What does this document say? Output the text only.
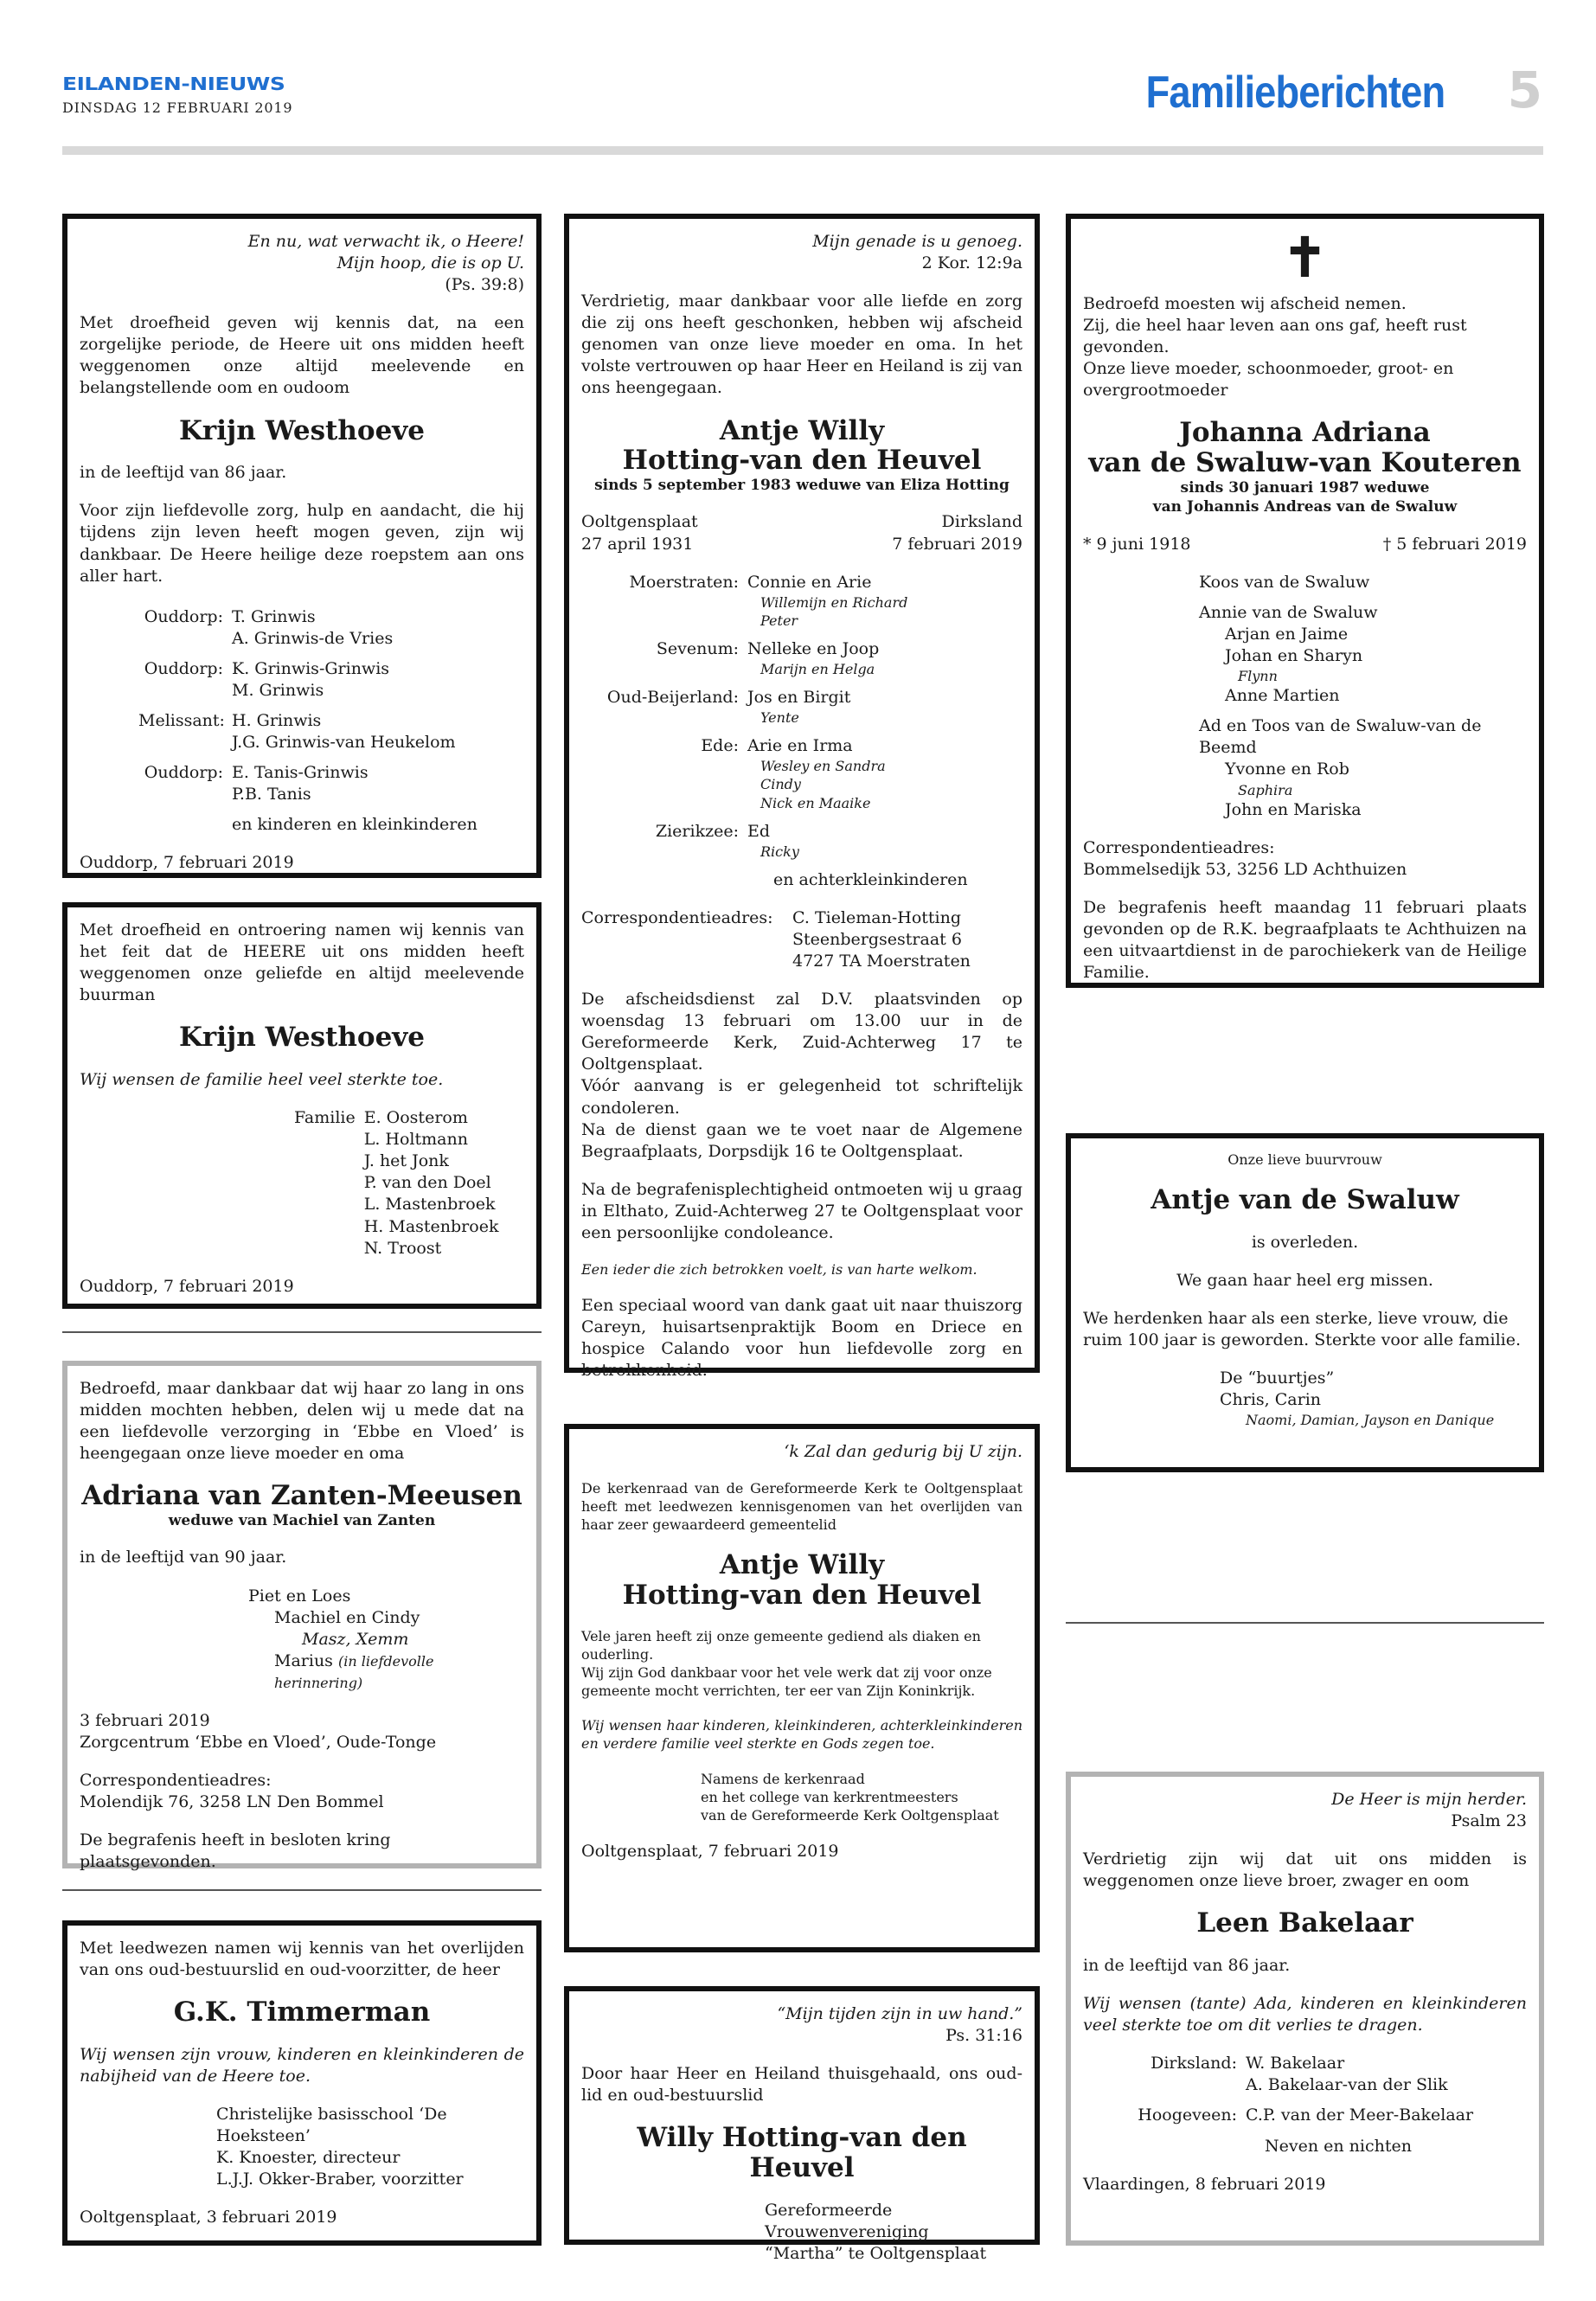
EILANDEN-NIEUWS
DINSDAG 12 FEBRUARI 2019	Familieberichten 5
En nu, wat verwacht ik, o Heere!
Mijn hoop, die is op U.
(Ps. 39:8)
Met droefheid geven wij kennis dat, na een zorgelijke periode, de Heere uit ons midden heeft weggenomen onze altijd meelevende en belangstellende oom en oudoom
Krijn Westhoeve
in de leeftijd van 86 jaar.
Voor zijn liefdevolle zorg, hulp en aandacht, die hij tijdens zijn leven heeft mogen geven, zijn wij dankbaar. De Heere heilige deze roepstem aan ons aller hart.
Ouddorp: T. Grinwis
A. Grinwis-de Vries
Ouddorp: K. Grinwis-Grinwis
M. Grinwis
Melissant: H. Grinwis
J.G. Grinwis-van Heukelom
Ouddorp: E. Tanis-Grinwis
P.B. Tanis
en kinderen en kleinkinderen
Ouddorp, 7 februari 2019
Met droefheid en ontroering namen wij kennis van het feit dat de HEERE uit ons midden heeft weggenomen onze geliefde en altijd meelevende buurman
Krijn Westhoeve
Wij wensen de familie heel veel sterkte toe.
Familie E. Oosterom
L. Holtmann
J. het Jonk
P. van den Doel
L. Mastenbroek
H. Mastenbroek
N. Troost
Ouddorp, 7 februari 2019
Bedroefd, maar dankbaar dat wij haar zo lang in ons midden mochten hebben, delen wij u mede dat na een liefdevolle verzorging in ‘Ebbe en Vloed’ is heengegaan onze lieve moeder en oma
Adriana van Zanten-Meeusen
weduwe van Machiel van Zanten
in de leeftijd van 90 jaar.
Piet en Loes
Machiel en Cindy
Masz, Xemm
Marius (in liefdevolle herinnering)
3 februari 2019
Zorgcentrum ‘Ebbe en Vloed’, Oude-Tonge
Correspondentieadres:
Molendijk 76, 3258 LN Den Bommel
De begrafenis heeft in besloten kring plaatsgevonden.
Met leedwezen namen wij kennis van het overlijden van ons oud-bestuurslid en oud-voorzitter, de heer
G.K. Timmerman
Wij wensen zijn vrouw, kinderen en kleinkinderen de nabijheid van de Heere toe.
Christelijke basisschool ‘De Hoeksteen’
K. Knoester, directeur
L.J.J. Okker-Braber, voorzitter
Ooltgensplaat, 3 februari 2019
Mijn genade is u genoeg.
2 Kor. 12:9a
Verdrietig, maar dankbaar voor alle liefde en zorg die zij ons heeft geschonken, hebben wij afscheid genomen van onze lieve moeder en oma. In het volste vertrouwen op haar Heer en Heiland is zij van ons heengegaan.
Antje Willy
Hotting-van den Heuvel
sinds 5 september 1983 weduwe van Eliza Hotting
Ooltgensplaat	Dirksland
27 april 1931	7 februari 2019
Moerstraten: Connie en Arie
Willemijn en Richard
Peter
Sevenum: Nelleke en Joop
Marijn en Helga
Oud-Beijerland: Jos en Birgit
Yente
Ede: Arie en Irma
Wesley en Sandra
Cindy
Nick en Maaike
Zierikzee: Ed
Ricky
en achterkleinkinderen
Correspondentieadres:	C. Tieleman-Hotting
Steenbergsestraat 6
4727 TA Moerstraten
De afscheidsdienst zal D.V. plaatsvinden op woensdag 13 februari om 13.00 uur in de Gereformeerde Kerk, Zuid-Achterweg 17 te Ooltgensplaat.
Vóór aanvang is er gelegenheid tot schriftelijk condoleren.
Na de dienst gaan we te voet naar de Algemene Begraafplaats, Dorpsdijk 16 te Ooltgensplaat.
Na de begrafenisplechtigheid ontmoeten wij u graag in Elthato, Zuid-Achterweg 27 te Ooltgensplaat voor een persoonlijke condoleance.
Een ieder die zich betrokken voelt, is van harte welkom.
Een speciaal woord van dank gaat uit naar thuiszorg Careyn, huisartsenpraktijk Boom en Driece en hospice Calando voor hun liefdevolle zorg en betrokkenheid.
‘k Zal dan gedurig bij U zijn.
De kerkenraad van de Gereformeerde Kerk te Ooltgensplaat heeft met leedwezen kennisgenomen van het overlijden van haar zeer gewaardeerd gemeentelid
Antje Willy
Hotting-van den Heuvel
Vele jaren heeft zij onze gemeente gediend als diaken en ouderling.
Wij zijn God dankbaar voor het vele werk dat zij voor onze gemeente mocht verrichten, ter eer van Zijn Koninkrijk.
Wij wensen haar kinderen, kleinkinderen, achterkleinkinderen en verdere familie veel sterkte en Gods zegen toe.
Namens de kerkenraad
en het college van kerkrentmeesters
van de Gereformeerde Kerk Ooltgensplaat
Ooltgensplaat, 7 februari 2019
“Mijn tijden zijn in uw hand.”
Ps. 31:16
Door haar Heer en Heiland thuisgehaald, ons oud-lid en oud-bestuurslid
Willy Hotting-van den Heuvel
Gereformeerde Vrouwenvereniging
“Martha” te Ooltgensplaat
✝
Bedroefd moesten wij afscheid nemen.
Zij, die heel haar leven aan ons gaf, heeft rust gevonden.
Onze lieve moeder, schoonmoeder, groot- en overgrootmoeder
Johanna Adriana
van de Swaluw-van Kouteren
sinds 30 januari 1987 weduwe
van Johannis Andreas van de Swaluw
* 9 juni 1918	† 5 februari 2019
Koos van de Swaluw
Annie van de Swaluw
Arjan en Jaime
Johan en Sharyn
Flynn
Anne Martien
Ad en Toos van de Swaluw-van de Beemd
Yvonne en Rob
Saphira
John en Mariska
Correspondentieadres:
Bommelsedijk 53, 3256 LD Achthuizen
De begrafenis heeft maandag 11 februari plaats gevonden op de R.K. begraafplaats te Achthuizen na een uitvaartdienst in de parochiekerk van de Heilige Familie.
Onze lieve buurvrouw
Antje van de Swaluw
is overleden.
We gaan haar heel erg missen.
We herdenken haar als een sterke, lieve vrouw, die ruim 100 jaar is geworden. Sterkte voor alle familie.
De “buurtjes”
Chris, Carin
Naomi, Damian, Jayson en Danique
De Heer is mijn herder.
Psalm 23
Verdrietig zijn wij dat uit ons midden is weggenomen onze lieve broer, zwager en oom
Leen Bakelaar
in de leeftijd van 86 jaar.
Wij wensen (tante) Ada, kinderen en kleinkinderen veel sterkte toe om dit verlies te dragen.
Dirksland: W. Bakelaar
A. Bakelaar-van der Slik
Hoogeveen: C.P. van der Meer-Bakelaar
Neven en nichten
Vlaardingen, 8 februari 2019
